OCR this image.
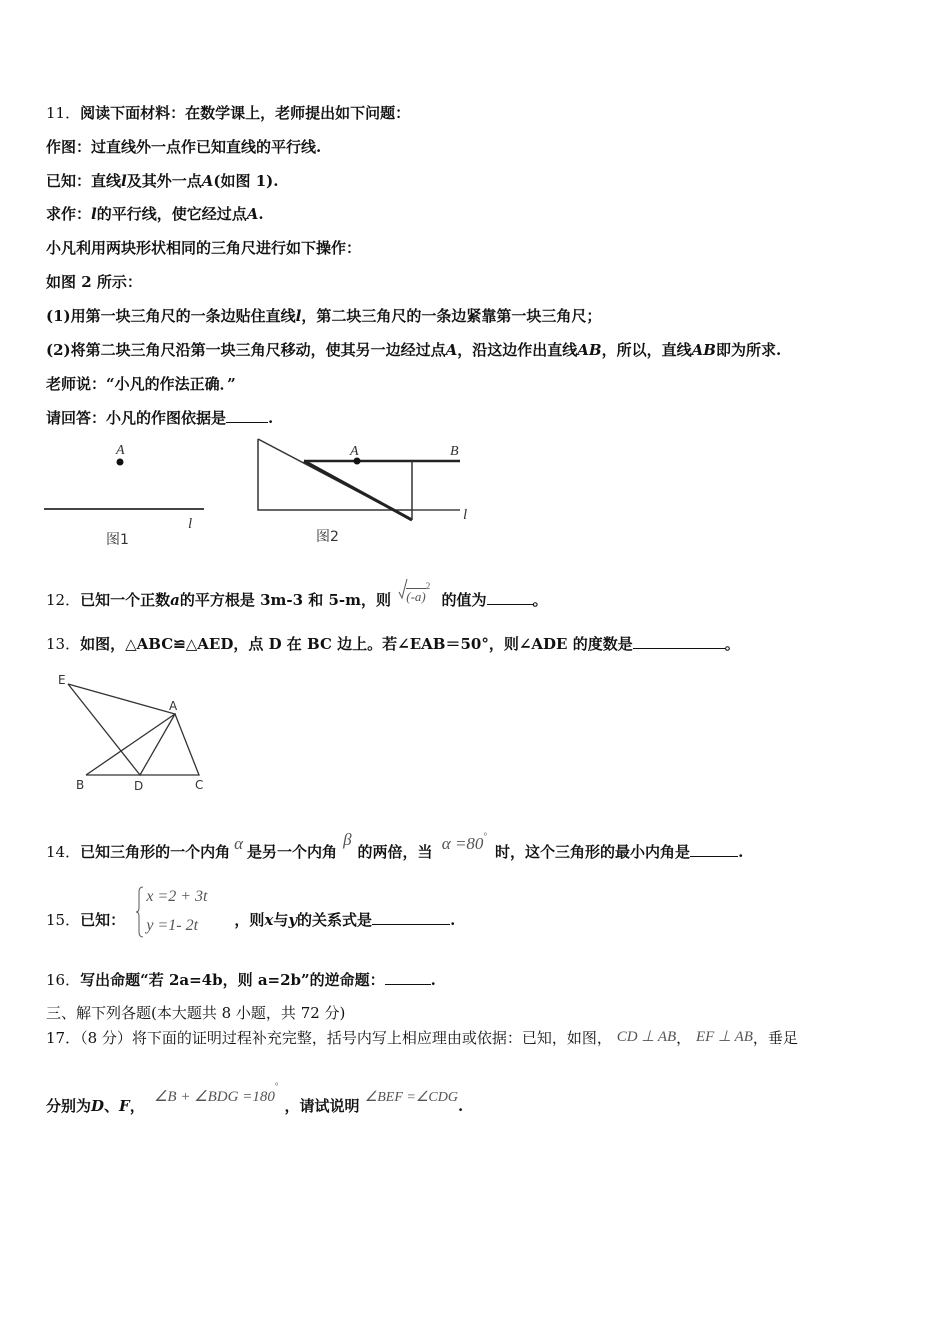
11．阅读下面材料：在数学课上，老师提出如下问题：
作图：过直线外一点作已知直线的平行线.
已知：直线l及其外一点A(如图 1).
求作：l的平行线，使它经过点A.
小凡利用两块形状相同的三角尺进行如下操作：
如图 2 所示：
(1)用第一块三角尺的一条边贴住直线l，第二块三角尺的一条边紧靠第一块三角尺；
(2)将第二块三角尺沿第一块三角尺移动，使其另一边经过点A，沿这边作出直线AB，所以，直线AB即为所求.
老师说：“小凡的作法正确．”
请回答：小凡的作图依据是	.
A
l
图1
A	B
l
图2
12．已知一个正数a的平方根是 3m-3 和 5-m，则 $(-a)^2$ 的值为	。
13．如图，△ABC≌△AED，点 D 在 BC 边上。若∠EAB＝50°，则∠ADE 的度数是	。
E
A
B	D	C
14．已知三角形的一个内角 α 是另一个内角β的两倍，当 α =80°时，这个三角形的最小内角是	.
15．已知：
x =2 + 3t
y =1- 2t ，则x与y的关系式是	.
16．写出命题“若 2a=4b，则 a=2b”的逆命题：	.
三、解下列各题(本大题共 8 小题，共 72 分)
17．（8 分）将下面的证明过程补充完整，括号内写上相应理由或依据：已知，如图， CD ⊥ AB， EF ⊥ AB，垂足
分别为D、F， ∠B + ∠BDG =180°，请试说明 ∠BEF =∠CDG.
